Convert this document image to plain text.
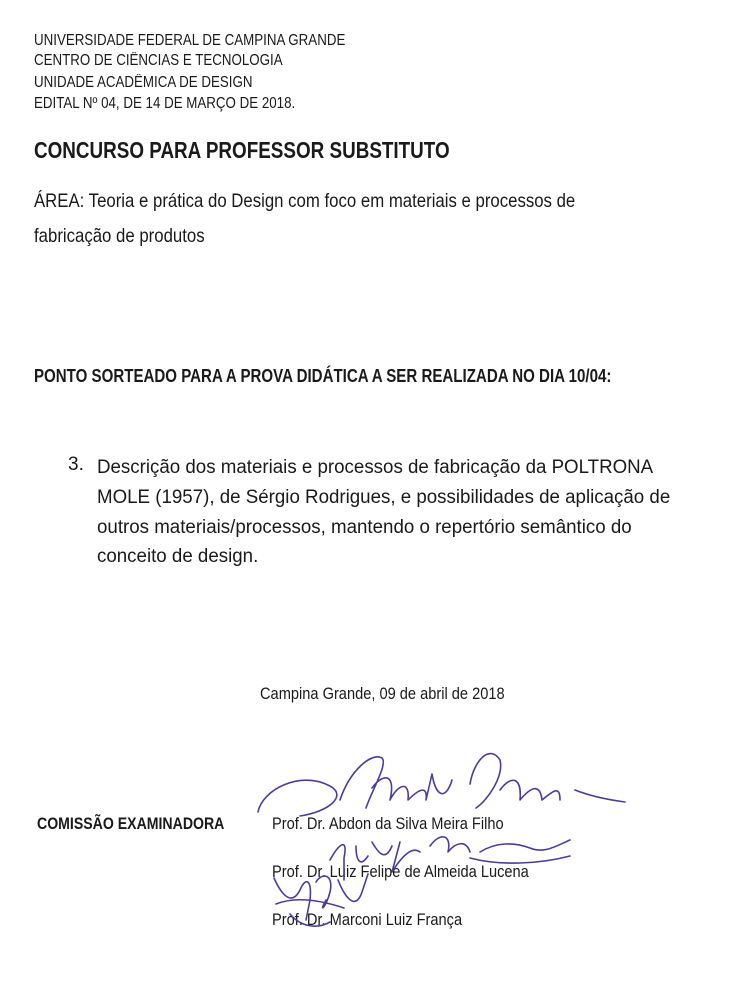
UNIVERSIDADE FEDERAL DE CAMPINA GRANDE
CENTRO DE CIÊNCIAS E TECNOLOGIA
UNIDADE ACADÊMICA DE DESIGN
EDITAL Nº 04, DE 14 DE MARÇO DE 2018.
CONCURSO PARA PROFESSOR SUBSTITUTO
ÁREA: Teoria e prática do Design com foco em materiais e processos de
fabricação de produtos
PONTO SORTEADO PARA A PROVA DIDÁTICA A SER REALIZADA NO DIA 10/04:
3. Descrição dos materiais e processos de fabricação da POLTRONA
MOLE (1957), de Sérgio Rodrigues, e possibilidades de aplicação de
outros materiais/processos, mantendo o repertório semântico do
conceito de design.
Campina Grande, 09 de abril de 2018
COMISSÃO EXAMINADORA	Prof. Dr. Abdon da Silva Meira Filho
Prof. Dr. Luiz Felipe de Almeida Lucena
Prof. Dr. Marconi Luiz França
